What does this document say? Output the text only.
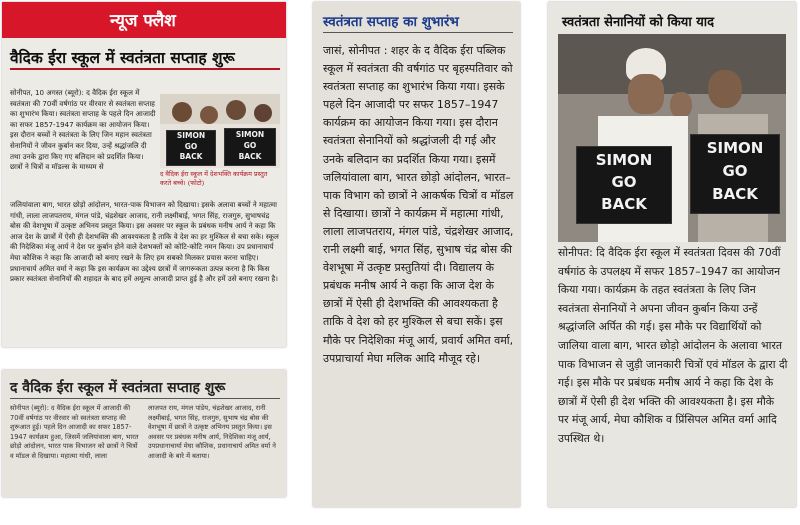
न्यूज फ्लैश
वैदिक ईरा स्कूल में स्वतंत्रता सप्ताह शुरू
सोनीपत, 10 अगस्त (ब्यूरो): द वैदिक ईरा स्कूल में स्वतंत्रता की 70वीं वर्षगांठ पर वीरवार से स्वतंत्रता सप्ताह का शुभारंभ किया। स्वतंत्रता सप्ताह के पहले दिन आजादी का सफर 1857-1947 कार्यक्रम का आयोजन किया। इस दौरान बच्चों ने स्वतंत्रता के लिए जिन महान स्वतंत्रता सेनानियों ने जीवन कुर्बान कर दिया, उन्हें श्रद्धांजलि दी तथा उनके द्वारा किए गए बलिदान को प्रदर्शित किया। छात्रों ने चित्रों व मॉडल्स के माध्यम से
SIMON
GO
BACK
SIMON
GO
BACK
द वैदिक ईरा स्कूल में देशभक्ति कार्यक्रम प्रस्तुत करते बच्चे। (फोटो)
जलियांवाला बाग, भारत छोड़ो आंदोलन, भारत-पाक विभाजन को दिखाया। इसके अलावा बच्चों ने महात्मा गांधी, लाला लाजपतराय, मंगल पांडे, चंद्रशेखर आजाद, रानी लक्ष्मीबाई, भगत सिंह, राजगुरु, सुभाषचंद्र बोस की वेशभूषा में उत्कृष्ट अभिनय प्रस्तुत किया। इस अवसर पर स्कूल के प्रबंधक मनीष आर्य ने कहा कि आज देश के छात्रों में ऐसी ही देशभक्ति की आवश्यकता है ताकि वे देश का हर मुश्किल से बचा सके। स्कूल की निदेशिका मंजू आर्य ने देश पर कुर्बान होने वाले देशभक्तों को कोटि-कोटि नमन किया। उप प्रधानाचार्य मेघा कौशिक ने कहा कि आजादी को बनाए रखने के लिए हम सबको मिलकर प्रयास करना चाहिए। प्रधानाचार्य अमित वर्मा ने कहा कि इस कार्यक्रम का उद्देश्य छात्रों में जागरूकता उत्पन्न करना है कि किस प्रकार स्वतंत्रता सेनानियों की शहादत के बाद हमें अमूल्य आजादी प्राप्त हुई है और हमें उसे बनाए रखना है।
द वैदिक ईरा स्कूल में स्वतंत्रता सप्ताह शुरू
सोनीपत (ब्यूरो): द वैदिक ईरा स्कूल में आजादी की 70वीं वर्षगांठ पर वीरवार को स्वतंत्रता सप्ताह की शुरूआत हुई। पहले दिन आजादी का सफर 1857-1947 कार्यक्रम हुआ, जिसमें जलियांवाला बाग, भारत छोड़ो आंदोलन, भारत पाक विभाजन को छात्रों ने चित्रों व मॉडल से दिखाया। महात्मा गांधी, लाला
लाजपत राय, मंगल पांडेय, चंद्रशेखर आजाद, रानी लक्ष्मीबाई, भगत सिंह, राजगुरु, सुभाष चंद्र बोस की वेशभूषा में छात्रों ने उत्कृष्ट अभिनय प्रस्तुत किया। इस अवसर पर प्रबंधक मनीष आर्य, निदेशिका मंजू आर्य, उपप्रधानाचार्या मेघा कौशिक, प्रधानाचार्य अमित वर्मा ने आजादी के बारे में बताया।
स्वतंत्रता सप्ताह का शुभारंभ
जासं, सोनीपत : शहर के द वैदिक ईरा पब्लिक स्कूल में स्वतंत्रता की वर्षगांठ पर बृहस्पतिवार को स्वतंत्रता सप्ताह का शुभारंभ किया गया। इसके पहले दिन आजादी पर सफर 1857–1947 कार्यक्रम का आयोजन किया गया। इस दौरान स्वतंत्रता सेनानियों को श्रद्धांजली दी गई और उनके बलिदान का प्रदर्शित किया गया। इसमें जलियांवाला बाग, भारत छोड़ो आंदोलन, भारत–पाक विभाग को छात्रों ने आकर्षक चित्रों व मॉडल से दिखाया। छात्रों ने कार्यक्रम में महात्मा गांधी, लाला लाजपतराय, मंगल पांडे, चंद्रशेखर आजाद, रानी लक्ष्मी बाई, भगत सिंह, सुभाष चंद्र बोस की वेशभूषा में उत्कृष्ट प्रस्तुतियां दी। विद्यालय के प्रबंधक मनीष आर्य ने कहा कि आज देश के छात्रों में ऐसी ही देशभक्ति की आवश्यकता है ताकि वे देश को हर मुश्किल से बचा सकें। इस मौके पर निदेशिका मंजू आर्य, प्रवार्य अमित वर्मा, उपप्राचार्या मेघा मलिक आदि मौजूद रहे।
स्वतंत्रता सेनानियों को किया याद
SIMON
GO
BACK
SIMON
GO
BACK
सोनीपत: दि वैदिक ईरा स्कूल में स्वतंत्रता दिवस की 70वीं वर्षगांठ के उपलक्ष्य में सफर 1857–1947 का आयोजन किया गया। कार्यक्रम के तहत स्वतंत्रता के लिए जिन स्वतंत्रता सेनानियों ने अपना जीवन कुर्बान किया उन्हें श्रद्धांजलि अर्पित की गई। इस मौके पर विद्यार्थियों को जालिया वाला बाग, भारत छोड़ो आंदोलन के अलावा भारत पाक विभाजन से जुड़ी जानकारी चित्रों एवं मॉडल के द्वारा दी गई। इस मौके पर प्रबंधक मनीष आर्य ने कहा कि देश के छात्रों में ऐसी ही देश भक्ति की आवश्यकता है। इस मौके पर मंजू आर्य, मेघा कौशिक व प्रिंसिपल अमित वर्मा आदि उपस्थित थे।
